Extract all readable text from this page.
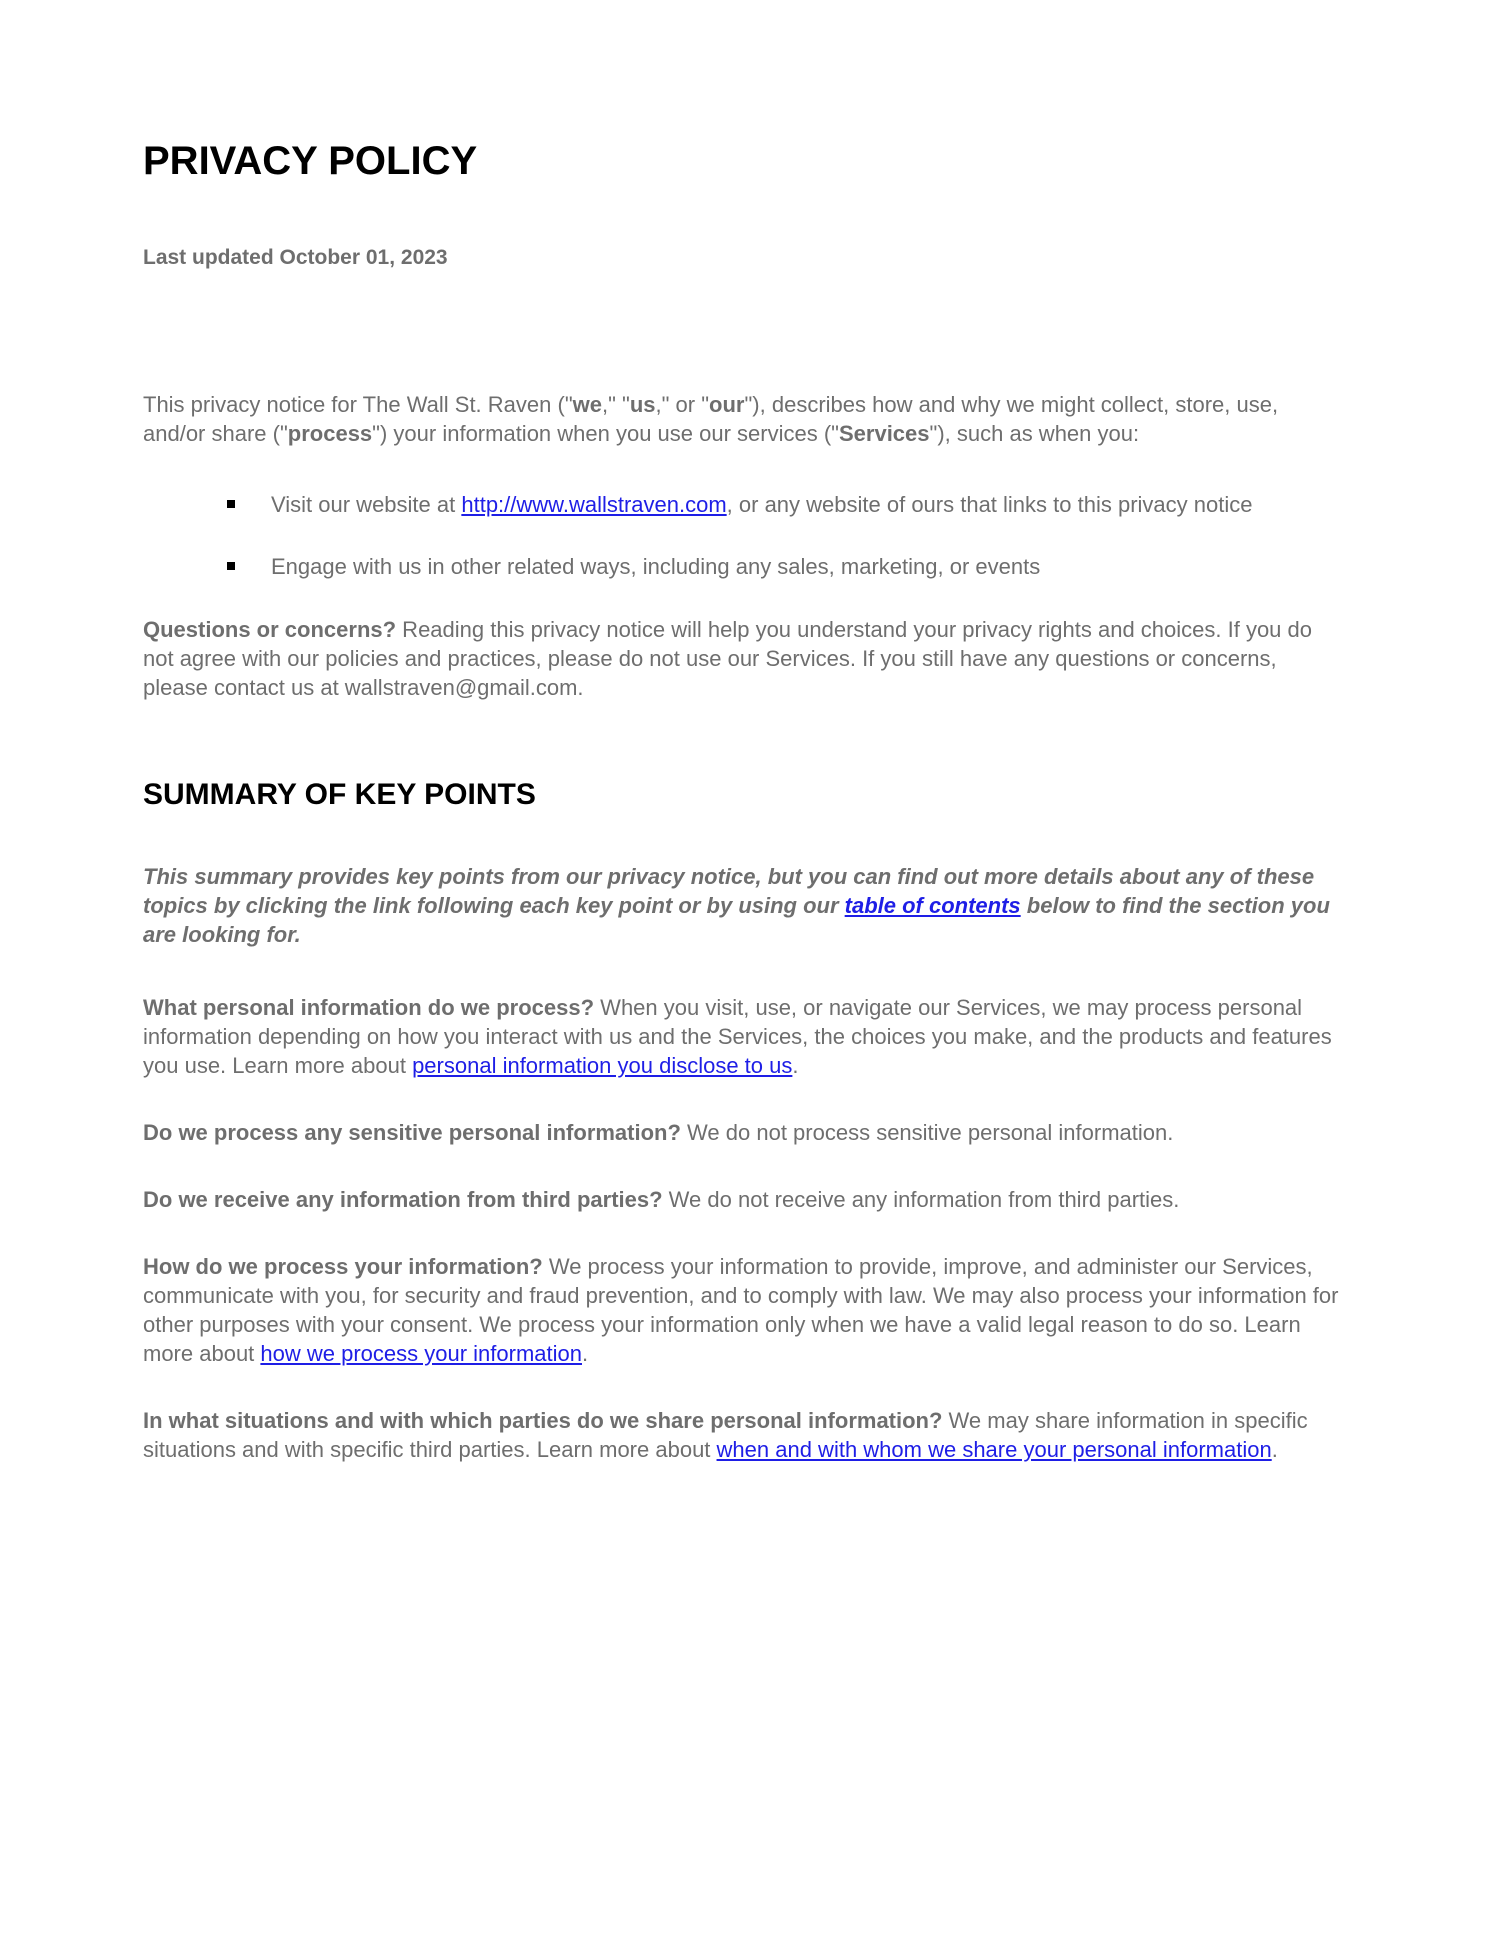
PRIVACY POLICY

Last updated October 01, 2023

This privacy notice for The Wall St. Raven ("we," "us," or "our"), describes how and why we might collect, store, use, and/or share ("process") your information when you use our services ("Services"), such as when you:

Visit our website at http://www.wallstraven.com, or any website of ours that links to this privacy notice
Engage with us in other related ways, including any sales, marketing, or events

Questions or concerns? Reading this privacy notice will help you understand your privacy rights and choices. If you do not agree with our policies and practices, please do not use our Services. If you still have any questions or concerns, please contact us at wallstraven@gmail.com.

SUMMARY OF KEY POINTS

This summary provides key points from our privacy notice, but you can find out more details about any of these topics by clicking the link following each key point or by using our table of contents below to find the section you are looking for.

What personal information do we process? When you visit, use, or navigate our Services, we may process personal information depending on how you interact with us and the Services, the choices you make, and the products and features you use. Learn more about personal information you disclose to us.

Do we process any sensitive personal information? We do not process sensitive personal information.

Do we receive any information from third parties? We do not receive any information from third parties.

How do we process your information? We process your information to provide, improve, and administer our Services, communicate with you, for security and fraud prevention, and to comply with law. We may also process your information for other purposes with your consent. We process your information only when we have a valid legal reason to do so. Learn more about how we process your information.

In what situations and with which parties do we share personal information? We may share information in specific situations and with specific third parties. Learn more about when and with whom we share your personal information.
